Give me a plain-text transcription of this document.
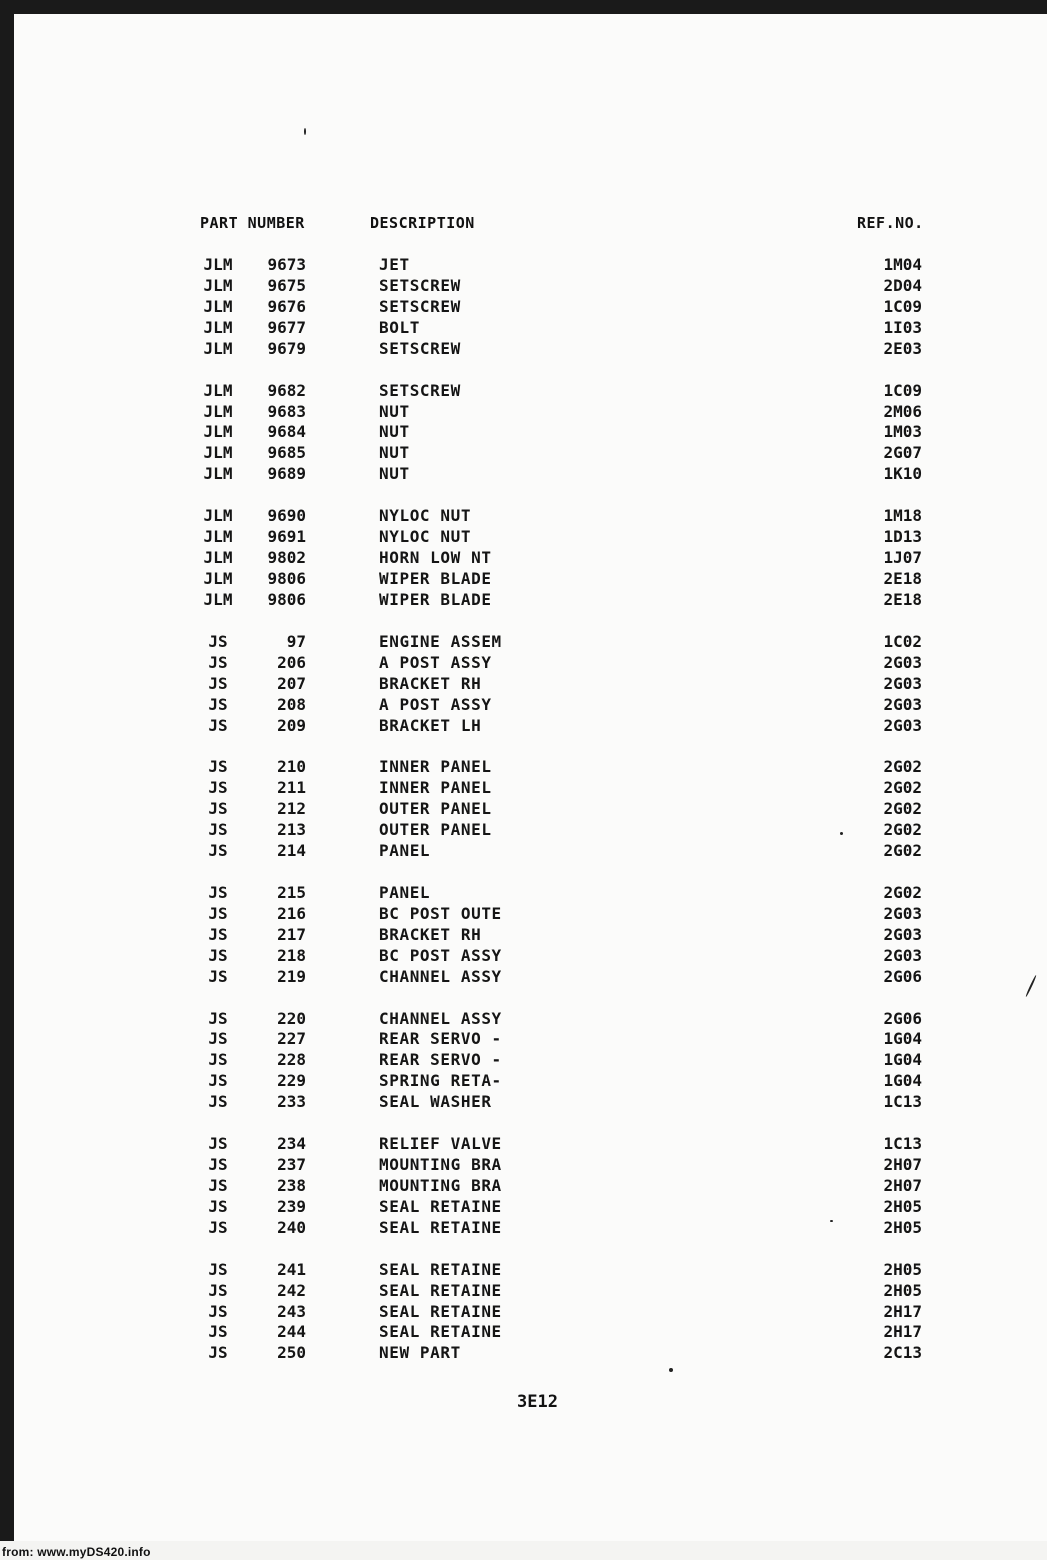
PART NUMBER	DESCRIPTION	REF.NO.
JLM	9673	JET	1M04
JLM	9675	SETSCREW	2D04
JLM	9676	SETSCREW	1C09
JLM	9677	BOLT	1I03
JLM	9679	SETSCREW	2E03
JLM	9682	SETSCREW	1C09
JLM	9683	NUT	2M06
JLM	9684	NUT	1M03
JLM	9685	NUT	2G07
JLM	9689	NUT	1K10
JLM	9690	NYLOC NUT	1M18
JLM	9691	NYLOC NUT	1D13
JLM	9802	HORN LOW NT	1J07
JLM	9806	WIPER BLADE	2E18
JLM	9806	WIPER BLADE	2E18
JS	97	ENGINE ASSEM	1C02
JS	206	A POST ASSY	2G03
JS	207	BRACKET RH	2G03
JS	208	A POST ASSY	2G03
JS	209	BRACKET LH	2G03
JS	210	INNER PANEL	2G02
JS	211	INNER PANEL	2G02
JS	212	OUTER PANEL	2G02
JS	213	OUTER PANEL	2G02
JS	214	PANEL	2G02
JS	215	PANEL	2G02
JS	216	BC POST OUTE	2G03
JS	217	BRACKET RH	2G03
JS	218	BC POST ASSY	2G03
JS	219	CHANNEL ASSY	2G06
JS	220	CHANNEL ASSY	2G06
JS	227	REAR SERVO -	1G04
JS	228	REAR SERVO -	1G04
JS	229	SPRING RETA-	1G04
JS	233	SEAL WASHER	1C13
JS	234	RELIEF VALVE	1C13
JS	237	MOUNTING BRA	2H07
JS	238	MOUNTING BRA	2H07
JS	239	SEAL RETAINE	2H05
JS	240	SEAL RETAINE	2H05
JS	241	SEAL RETAINE	2H05
JS	242	SEAL RETAINE	2H05
JS	243	SEAL RETAINE	2H17
JS	244	SEAL RETAINE	2H17
JS	250	NEW PART	2C13
3E12
from: www.myDS420.info
